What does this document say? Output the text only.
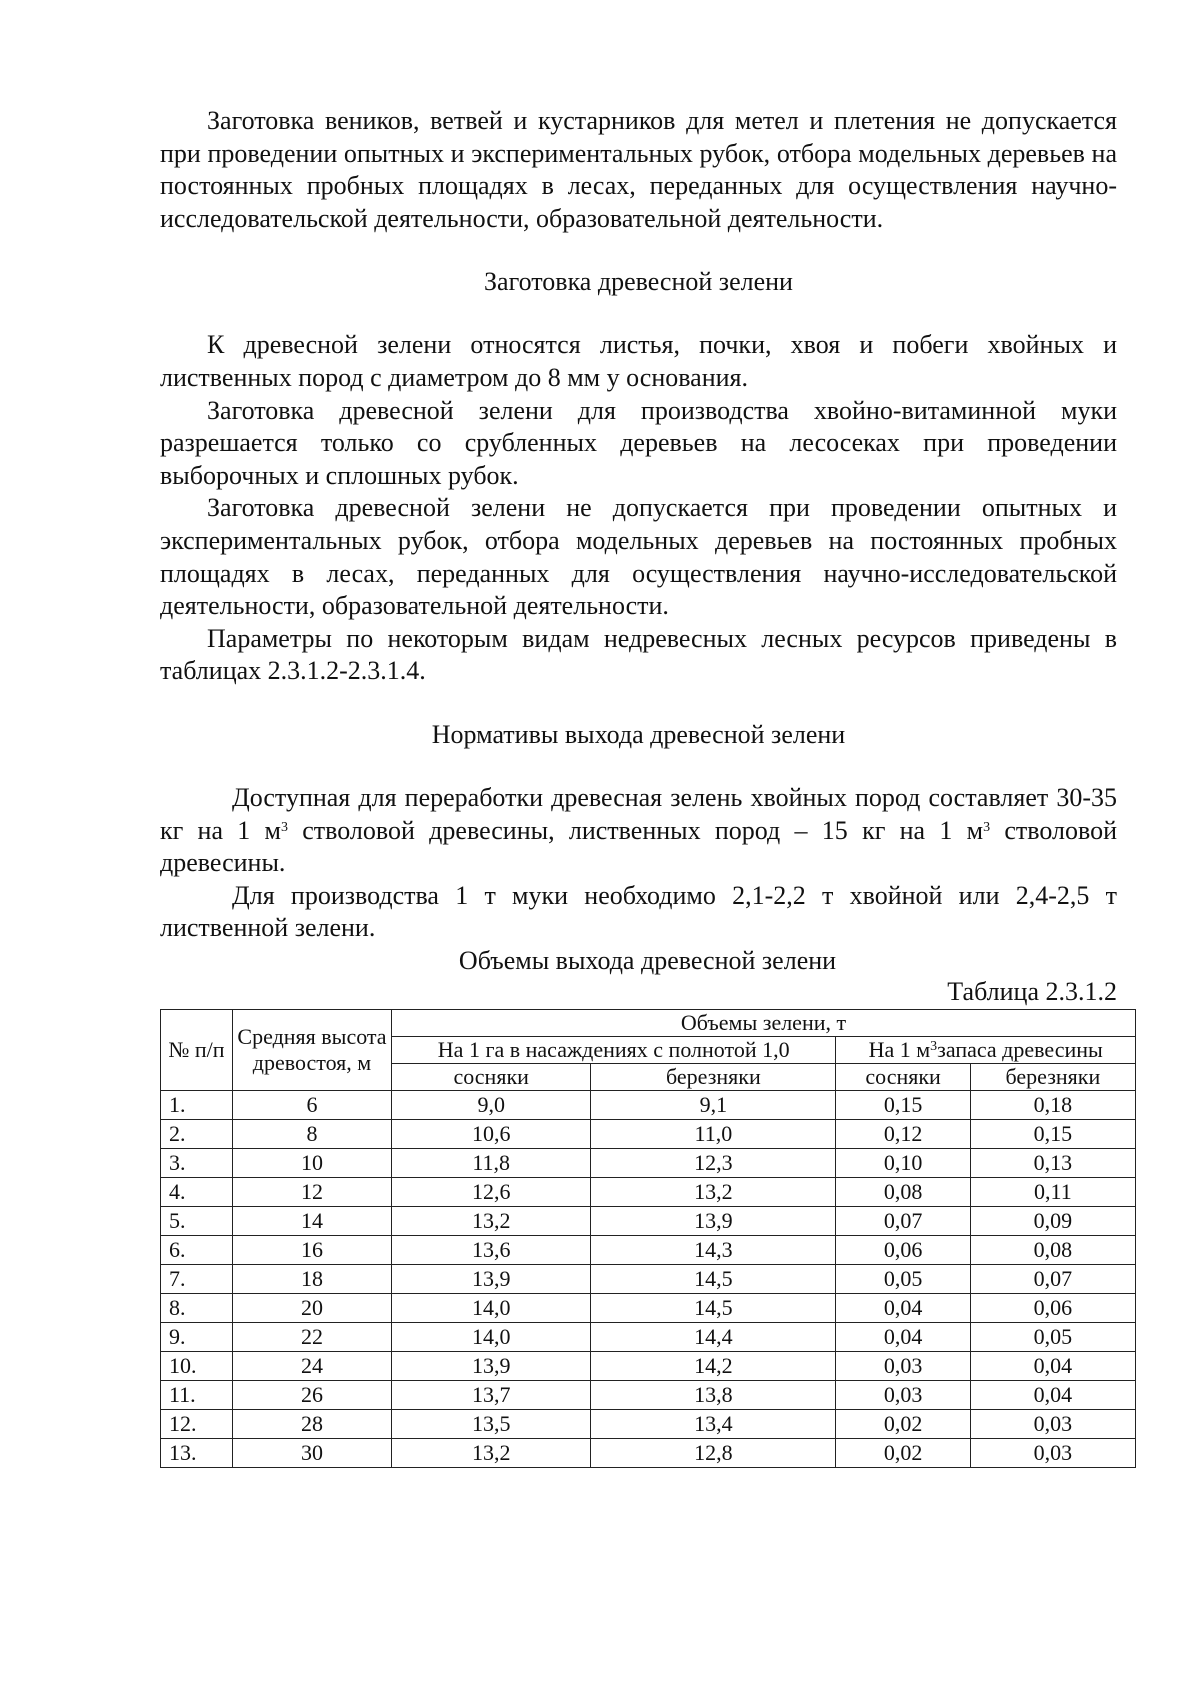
Заготовка веников, ветвей и кустарников для метел и плетения не допускается при проведении опытных и экспериментальных рубок, отбора модельных деревьев на постоянных пробных площадях в лесах, переданных для осуществления научно-исследовательской деятельности, образовательной деятельности.

Заготовка древесной зелени

К древесной зелени относятся листья, почки, хвоя и побеги хвойных и лиственных пород с диаметром до 8 мм у основания.

Заготовка древесной зелени для производства хвойно-витаминной муки разрешается только со срубленных деревьев на лесосеках при проведении выборочных и сплошных рубок.

Заготовка древесной зелени не допускается при проведении опытных и экспериментальных рубок, отбора модельных деревьев на постоянных пробных площадях в лесах, переданных для осуществления научно-исследовательской деятельности, образовательной деятельности.

Параметры по некоторым видам недревесных лесных ресурсов приведены в таблицах 2.3.1.2-2.3.1.4.

Нормативы выхода древесной зелени

Доступная для переработки древесная зелень хвойных пород составляет 30-35 кг на 1 $м^3$ стволовой древесины, лиственных пород – 15 кг на 1 $м^3$ стволовой древесины.

Для производства 1 т муки необходимо 2,1-2,2 т хвойной или 2,4-2,5 т лиственной зелени.

Объемы выхода древесной зелени
Таблица 2.3.1.2
№ п/п	Средняя высота древостоя, м	Объемы зелени, т			
		На 1 га в насаждениях с полнотой 1,0		На 1 $м^3запаса$ древесины	
		сосняки	березняки	сосняки	березняки
1.	6	9,0	9,1	0,15	0,18
2.	8	10,6	11,0	0,12	0,15
3.	10	11,8	12,3	0,10	0,13
4.	12	12,6	13,2	0,08	0,11
5.	14	13,2	13,9	0,07	0,09
6.	16	13,6	14,3	0,06	0,08
7.	18	13,9	14,5	0,05	0,07
8.	20	14,0	14,5	0,04	0,06
9.	22	14,0	14,4	0,04	0,05
10.	24	13,9	14,2	0,03	0,04
11.	26	13,7	13,8	0,03	0,04
12.	28	13,5	13,4	0,02	0,03
13.	30	13,2	12,8	0,02	0,03
